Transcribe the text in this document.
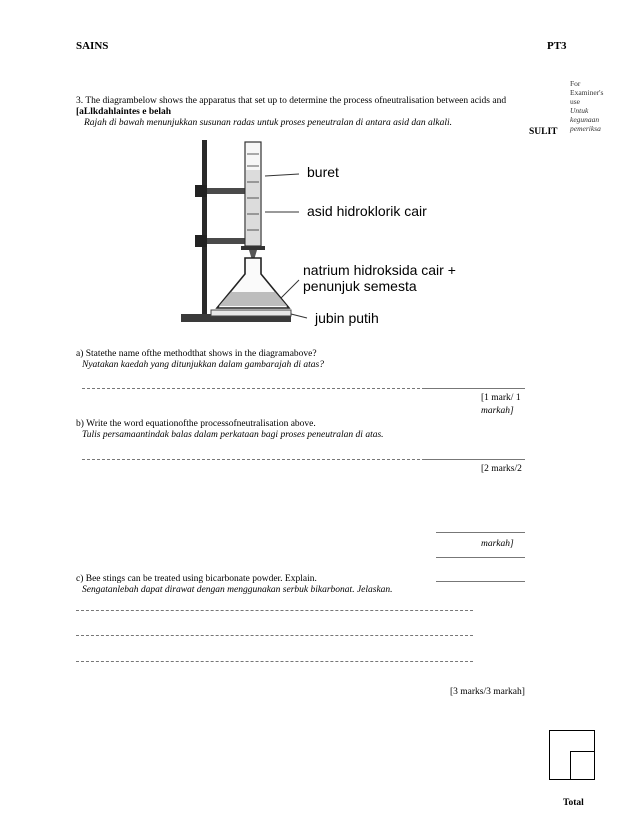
SAINS	PT3
For
Examiner's
use
Untuk
kegunaan
pemeriksa
3. The diagrambelow shows the apparatus that set up to determine the process ofneutralisation between acids and
[aLlkdahlaintes e belah
Rajah di bawah menunjukkan susunan radas untuk proses peneutralan di antara asid dan alkali.
SULIT
buret
asid hidroklorik cair
natrium hidroksida cair +
penunjuk semesta
jubin putih
a) Statethe name ofthe methodthat shows in the diagramabove?
Nyatakan kaedah yang ditunjukkan dalam gambarajah di atas?
[1 mark/ 1
markah]
b) Write the word equationofthe processofneutralisation above.
Tulis persamaantindak balas dalam perkataan bagi proses peneutralan di atas.
[2 marks/2
markah]
c) Bee stings can be treated using bicarbonate powder. Explain.
Sengatanlebah dapat dirawat dengan menggunakan serbuk bikarbonat. Jelaskan.
[3 marks/3 markah]
Total
